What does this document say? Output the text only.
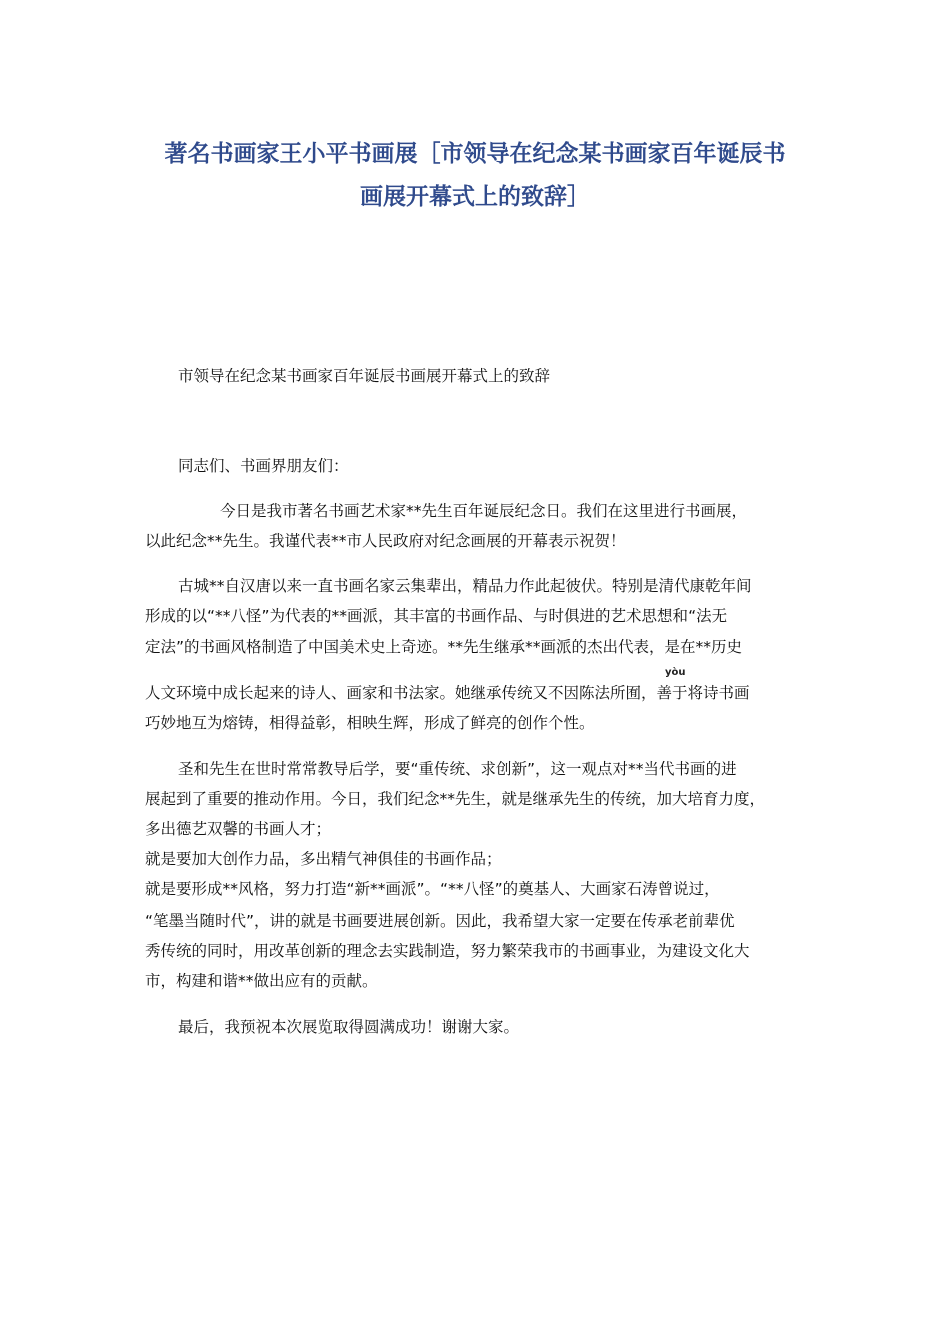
著名书画家王小平书画展［市领导在纪念某书画家百年诞辰书
画展开幕式上的致辞］

市领导在纪念某书画家百年诞辰书画展开幕式上的致辞

同志们、书画界朋友们：

今日是我市著名书画艺术家**先生百年诞辰纪念日。我们在这里进行书画展，

以此纪念**先生。我谨代表**市人民政府对纪念画展的开幕表示祝贺！

古城**自汉唐以来一直书画名家云集辈出，精品力作此起彼伏。特别是清代康乾年间

形成的以“**八怪”为代表的**画派，其丰富的书画作品、与时俱进的艺术思想和“法无

定法”的书画风格制造了中国美术史上奇迹。**先生继承**画派的杰出代表，是在**历史

yòu

人文环境中成长起来的诗人、画家和书法家。她继承传统又不因陈法所囿，善于将诗书画

巧妙地互为熔铸，相得益彰，相映生辉，形成了鲜亮的创作个性。

圣和先生在世时常常教导后学，要“重传统、求创新”，这一观点对**当代书画的进

展起到了重要的推动作用。今日，我们纪念**先生，就是继承先生的传统，加大培育力度，

多出德艺双馨的书画人才；

就是要加大创作力品，多出精气神俱佳的书画作品；

就是要形成**风格，努力打造“新**画派”。“**八怪”的奠基人、大画家石涛曾说过，

“笔墨当随时代”，讲的就是书画要进展创新。因此，我希望大家一定要在传承老前辈优

秀传统的同时，用改革创新的理念去实践制造，努力繁荣我市的书画事业，为建设文化大

市，构建和谐**做出应有的贡献。

最后，我预祝本次展览取得圆满成功！谢谢大家。
